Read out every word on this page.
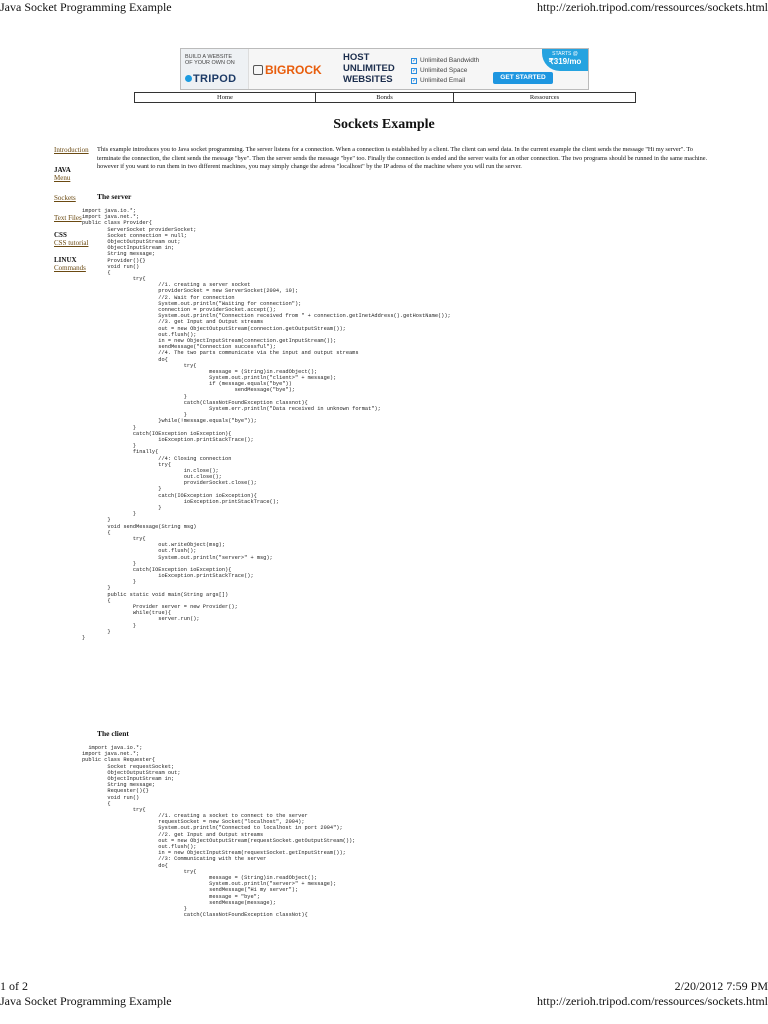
Java Socket Programming Example	http://zerioh.tripod.com/ressources/sockets.html
BUILD A WEBSITE OF YOUR OWN ON
TRIPOD
BIGROCK
HOST UNLIMITED WEBSITES
✓ Unlimited Bandwidth
✓ Unlimited Space
✓ Unlimited Email
STARTS @
₹319/mo
GET STARTED
Home	Bonds	Ressources
Sockets Example
Introduction
JAVA
Menu
Sockets
Text Files
CSS
CSS tutorial
LINUX
Commands

This example introduces you to Java socket programming. The server listens for a connection. When a connection is established by a client. The client can send data. In the current example the client sends the message "Hi my server". To terminate the connection, the client sends the message "bye". Then the server sends the message "bye" too. Finally the connection is ended and the server waits for an other connection. The two programs should be runned in the same machine. however if you want to run them in two different machines, you may simply change the adress "localhost" by the IP adress of the machine where you will run the server.

The server
import java.io.*;
import java.net.*;
public class Provider{
ServerSocket providerSocket;
Socket connection = null;
ObjectOutputStream out;
ObjectInputStream in;
String message;
Provider(){}
void run()
{
try{
//1. creating a server socket
providerSocket = new ServerSocket(2004, 10);
//2. Wait for connection
System.out.println("Waiting for connection");
connection = providerSocket.accept();
System.out.println("Connection received from " + connection.getInetAddress().getHostName());
//3. get Input and Output streams
out = new ObjectOutputStream(connection.getOutputStream());
out.flush();
in = new ObjectInputStream(connection.getInputStream());
sendMessage("Connection successful");
//4. The two parts communicate via the input and output streams
do{
try{
message = (String)in.readObject();
System.out.println("client>" + message);
if (message.equals("bye"))
sendMessage("bye");
}
catch(ClassNotFoundException classnot){
System.err.println("Data received in unknown format");
}
}while(!message.equals("bye"));
}
catch(IOException ioException){
ioException.printStackTrace();
}
finally{
//4: Closing connection
try{
in.close();
out.close();
providerSocket.close();
}
catch(IOException ioException){
ioException.printStackTrace();
}
}
}
void sendMessage(String msg)
{
try{
out.writeObject(msg);
out.flush();
System.out.println("server>" + msg);
}
catch(IOException ioException){
ioException.printStackTrace();
}
}
public static void main(String args[])
{
Provider server = new Provider();
while(true){
server.run();
}
}
}
The client
import java.io.*;
import java.net.*;
public class Requester{
Socket requestSocket;
ObjectOutputStream out;
ObjectInputStream in;
String message;
Requester(){}
void run()
{
try{
//1. creating a socket to connect to the server
requestSocket = new Socket("localhost", 2004);
System.out.println("Connected to localhost in port 2004");
//2. get Input and Output streams
out = new ObjectOutputStream(requestSocket.getOutputStream());
out.flush();
in = new ObjectInputStream(requestSocket.getInputStream());
//3: Communicating with the server
do{
try{
message = (String)in.readObject();
System.out.println("server>" + message);
sendMessage("Hi my server");
message = "bye";
sendMessage(message);
}
catch(ClassNotFoundException classNot){
1 of 2	2/20/2012 7:59 PM
Java Socket Programming Example	http://zerioh.tripod.com/ressources/sockets.html
